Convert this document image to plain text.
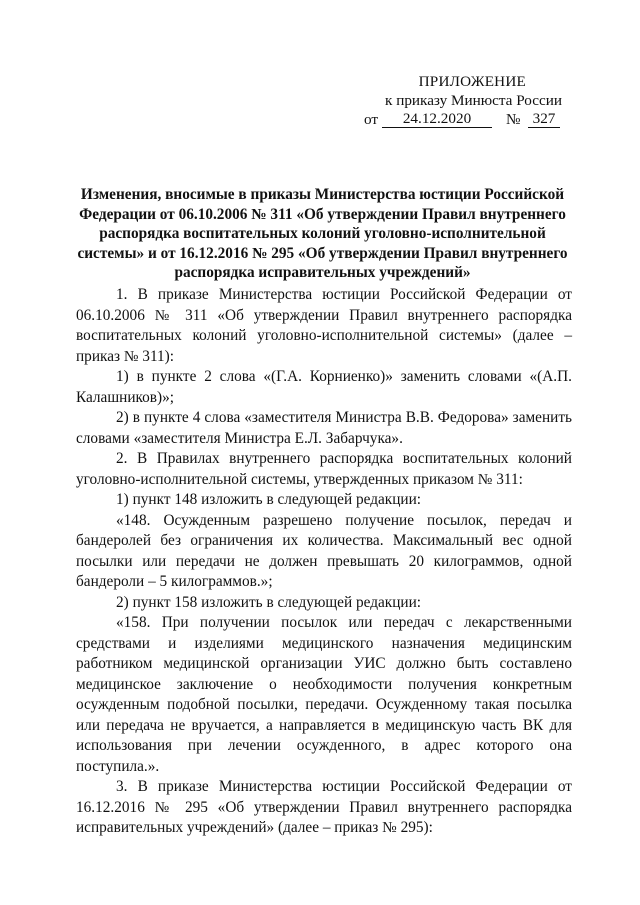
ПРИЛОЖЕНИЕ
к приказу Минюста России
от	24.12.2020	№ 327
Изменения, вносимые в приказы Министерства юстиции Российской Федерации от 06.10.2006 № 311 «Об утверждении Правил внутреннего распорядка воспитательных колоний уголовно-исполнительной системы» и от 16.12.2016 № 295 «Об утверждении Правил внутреннего распорядка исправительных учреждений»

1. В приказе Министерства юстиции Российской Федерации от 06.10.2006 № 311 «Об утверждении Правил внутреннего распорядка воспитательных колоний уголовно-исполнительной системы» (далее – приказ № 311):

1) в пункте 2 слова «(Г.А. Корниенко)» заменить словами «(А.П. Калашников)»;

2) в пункте 4 слова «заместителя Министра В.В. Федорова» заменить словами «заместителя Министра Е.Л. Забарчука».

2. В Правилах внутреннего распорядка воспитательных колоний уголовно-исполнительной системы, утвержденных приказом № 311:

1) пункт 148 изложить в следующей редакции:

«148. Осужденным разрешено получение посылок, передач и бандеролей без ограничения их количества. Максимальный вес одной посылки или передачи не должен превышать 20 килограммов, одной бандероли – 5 килограммов.»;

2) пункт 158 изложить в следующей редакции:

«158. При получении посылок или передач с лекарственными средствами и изделиями медицинского назначения медицинским работником медицинской организации УИС должно быть составлено медицинское заключение о необходимости получения конкретным осужденным подобной посылки, передачи. Осужденному такая посылка или передача не вручается, а направляется в медицинскую часть ВК для использования при лечении осужденного, в адрес которого она поступила.».

3. В приказе Министерства юстиции Российской Федерации от 16.12.2016 № 295 «Об утверждении Правил внутреннего распорядка исправительных учреждений» (далее – приказ № 295):
